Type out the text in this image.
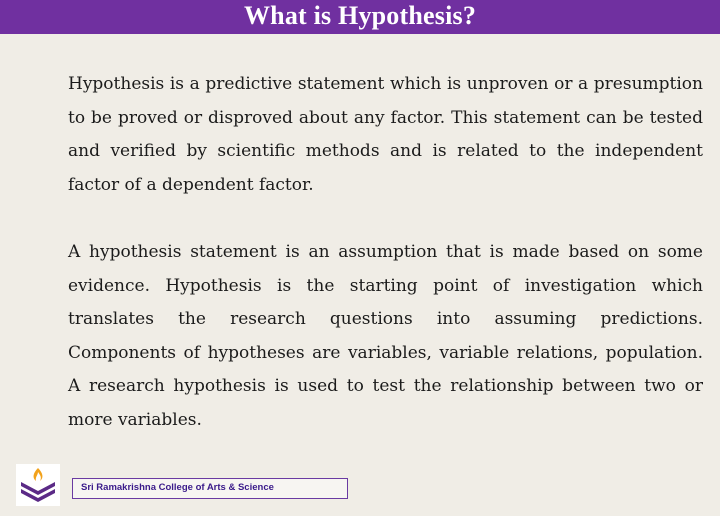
What is Hypothesis?

Hypothesis is a predictive statement which is unproven or a presumption to be proved or disproved about any factor. This statement can be tested and verified by scientific methods and is related to the independent factor of a dependent factor.

A hypothesis statement is an assumption that is made based on some evidence. Hypothesis is the starting point of investigation which translates the research questions into assuming predictions. Components of hypotheses are variables, variable relations, population. A research hypothesis is used to test the relationship between two or more variables.

Sri Ramakrishna College of Arts & Science
